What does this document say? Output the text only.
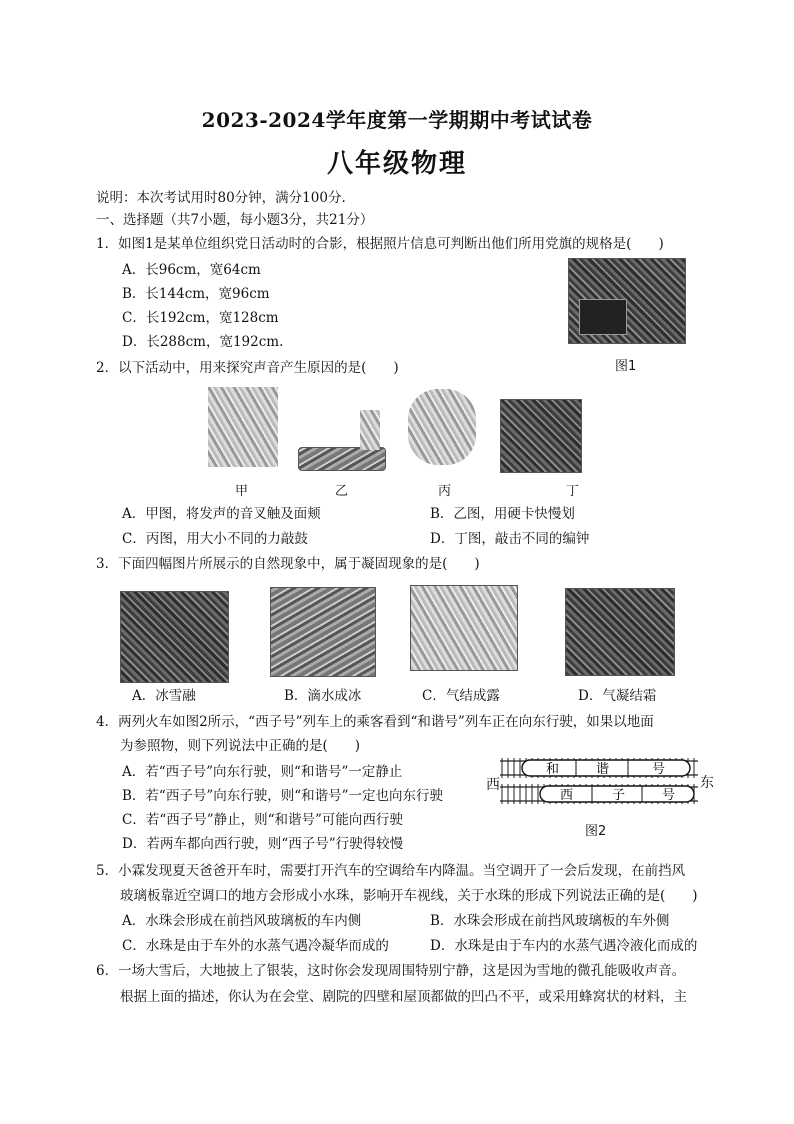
2023-2024学年度第一学期期中考试试卷
八年级物理
说明：本次考试用时80分钟，满分100分.
一、选择题（共7小题，每小题3分，共21分）
1．如图1是某单位组织党日活动时的合影，根据照片信息可判断出他们所用党旗的规格是(　　)
A．长96cm，宽64cm
B．长144cm，宽96cm
C．长192cm，宽128cm
D．长288cm，宽192cm.
图1
2．以下活动中，用来探究声音产生原因的是(　　)
甲	乙	丙	丁
A．甲图，将发声的音叉触及面颊	B．乙图，用硬卡快慢划
C．丙图，用大小不同的力敲鼓	D．丁图，敲击不同的编钟
3．下面四幅图片所展示的自然现象中，属于凝固现象的是(　　)
A．冰雪融	B．滴水成冰	C．气结成露	D．气凝结霜
4．两列火车如图2所示，“西子号”列车上的乘客看到“和谐号”列车正在向东行驶，如果以地面
为参照物，则下列说法中正确的是(　　)
A．若“西子号”向东行驶，则“和谐号”一定静止
B．若“西子号”向东行驶，则“和谐号”一定也向东行驶
C．若“西子号”静止，则“和谐号”可能向西行驶
D．若两车都向西行驶，则“西子号”行驶得较慢
西	东
和	谐	号
西	子	号
图2
5．小霖发现夏天爸爸开车时，需要打开汽车的空调给车内降温。当空调开了一会后发现，在前挡风
玻璃板靠近空调口的地方会形成小水珠，影响开车视线，关于水珠的形成下列说法正确的是(　　)
A．水珠会形成在前挡风玻璃板的车内侧	B．水珠会形成在前挡风玻璃板的车外侧
C．水珠是由于车外的水蒸气遇冷凝华而成的	D．水珠是由于车内的水蒸气遇冷液化而成的
6．一场大雪后，大地披上了银装，这时你会发现周围特别宁静，这是因为雪地的微孔能吸收声音。
根据上面的描述，你认为在会堂、剧院的四壁和屋顶都做的凹凸不平，或采用蜂窝状的材料，主
